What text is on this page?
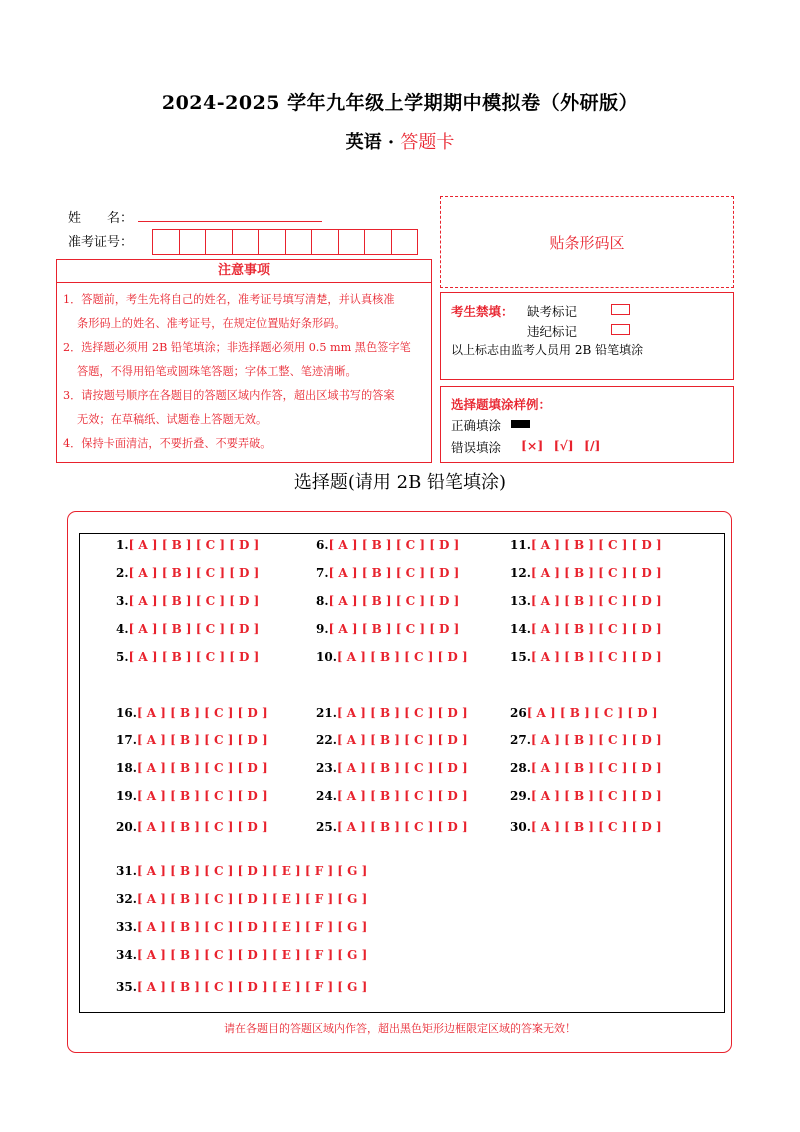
2024-2025 学年九年级上学期期中模拟卷（外研版）
英语 · 答题卡
姓　　名：
准考证号：	贴条形码区
注意事项
1．答题前，考生先将自己的姓名，准考证号填写清楚，并认真核准
条形码上的姓名、准考证号，在规定位置贴好条形码。
2．选择题必须用 2B 铅笔填涂；非选择题必须用 0.5 mm 黑色签字笔
答题，不得用铅笔或圆珠笔答题；字体工整、笔迹清晰。
3．请按题号顺序在各题目的答题区域内作答，超出区域书写的答案
无效；在草稿纸、试题卷上答题无效。
4．保持卡面清洁，不要折叠、不要弄破。
考生禁填： 缺考标记
违纪标记
以上标志由监考人员用 2B 铅笔填涂
选择题填涂样例：
正确填涂
错误填涂 [×] [√] [/]
选择题(请用 2B 铅笔填涂)
1.[ A ] [ B ] [ C ] [ D ]
2.[ A ] [ B ] [ C ] [ D ]
3.[ A ] [ B ] [ C ] [ D ]
4.[ A ] [ B ] [ C ] [ D ]
5.[ A ] [ B ] [ C ] [ D ]
6.[ A ] [ B ] [ C ] [ D ]
7.[ A ] [ B ] [ C ] [ D ]
8.[ A ] [ B ] [ C ] [ D ]
9.[ A ] [ B ] [ C ] [ D ]
10.[ A ] [ B ] [ C ] [ D ]
11.[ A ] [ B ] [ C ] [ D ]
12.[ A ] [ B ] [ C ] [ D ]
13.[ A ] [ B ] [ C ] [ D ]
14.[ A ] [ B ] [ C ] [ D ]
15.[ A ] [ B ] [ C ] [ D ]
16.[ A ] [ B ] [ C ] [ D ]
17.[ A ] [ B ] [ C ] [ D ]
18.[ A ] [ B ] [ C ] [ D ]
19.[ A ] [ B ] [ C ] [ D ]
20.[ A ] [ B ] [ C ] [ D ]
21.[ A ] [ B ] [ C ] [ D ]
22.[ A ] [ B ] [ C ] [ D ]
23.[ A ] [ B ] [ C ] [ D ]
24.[ A ] [ B ] [ C ] [ D ]
25.[ A ] [ B ] [ C ] [ D ]
26[ A ] [ B ] [ C ] [ D ]
27.[ A ] [ B ] [ C ] [ D ]
28.[ A ] [ B ] [ C ] [ D ]
29.[ A ] [ B ] [ C ] [ D ]
30.[ A ] [ B ] [ C ] [ D ]
31.[ A ] [ B ] [ C ] [ D ] [ E ] [ F ] [ G ]
32.[ A ] [ B ] [ C ] [ D ] [ E ] [ F ] [ G ]
33.[ A ] [ B ] [ C ] [ D ] [ E ] [ F ] [ G ]
34.[ A ] [ B ] [ C ] [ D ] [ E ] [ F ] [ G ]
35.[ A ] [ B ] [ C ] [ D ] [ E ] [ F ] [ G ]
请在各题目的答题区域内作答，超出黑色矩形边框限定区域的答案无效！
